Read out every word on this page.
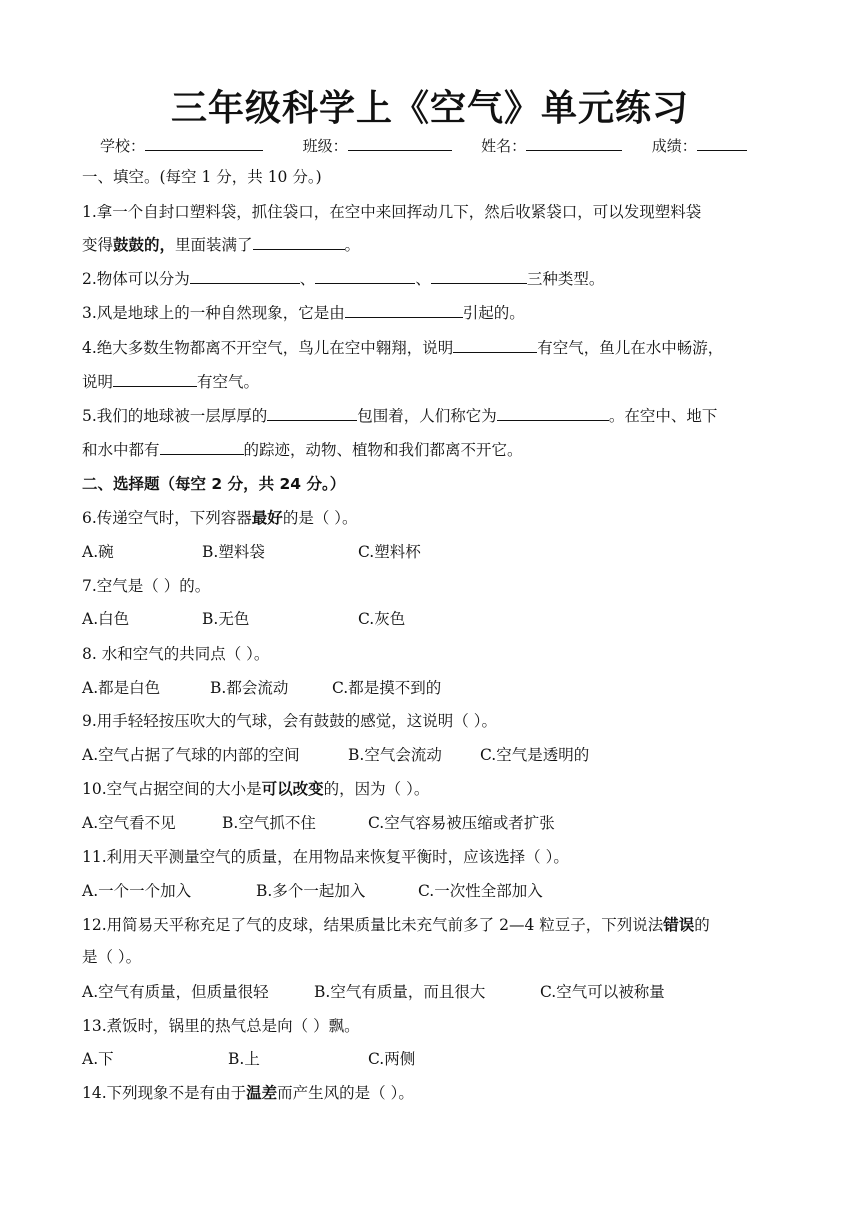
三年级科学上《空气》单元练习
学校：	班级：	姓名：	成绩：
一、填空。(每空 1 分，共 10 分。)
1.拿一个自封口塑料袋，抓住袋口，在空中来回挥动几下，然后收紧袋口，可以发现塑料袋
变得鼓鼓的，里面装满了	。
2.物体可以分为	、	、	三种类型。
3.风是地球上的一种自然现象，它是由	引起的。
4.绝大多数生物都离不开空气，鸟儿在空中翱翔，说明	有空气，鱼儿在水中畅游，
说明	有空气。
5.我们的地球被一层厚厚的	包围着，人们称它为	。在空中、地下
和水中都有	的踪迹，动物、植物和我们都离不开它。
二、选择题（每空 2 分，共 24 分。）
6.传递空气时，下列容器最好的是（ ）。
A.碗	B.塑料袋	C.塑料杯
7.空气是（ ）的。
A.白色	B.无色	C.灰色
8. 水和空气的共同点（ ）。
A.都是白色	B.都会流动	C.都是摸不到的
9.用手轻轻按压吹大的气球，会有鼓鼓的感觉，这说明（ ）。
A.空气占据了气球的内部的空间	B.空气会流动 C.空气是透明的
10.空气占据空间的大小是可以改变的，因为（ ）。
A.空气看不见	B.空气抓不住	C.空气容易被压缩或者扩张
11.利用天平测量空气的质量，在用物品来恢复平衡时，应该选择（ ）。
A.一个一个加入	B.多个一起加入	C.一次性全部加入
12.用简易天平称充足了气的皮球，结果质量比未充气前多了 2—4 粒豆子，下列说法错误的
是（ ）。
A.空气有质量，但质量很轻	B.空气有质量，而且很大	C.空气可以被称量
13.煮饭时，锅里的热气总是向（ ）飘。
A.下	B.上	C.两侧
14.下列现象不是有由于温差而产生风的是（ ）。
